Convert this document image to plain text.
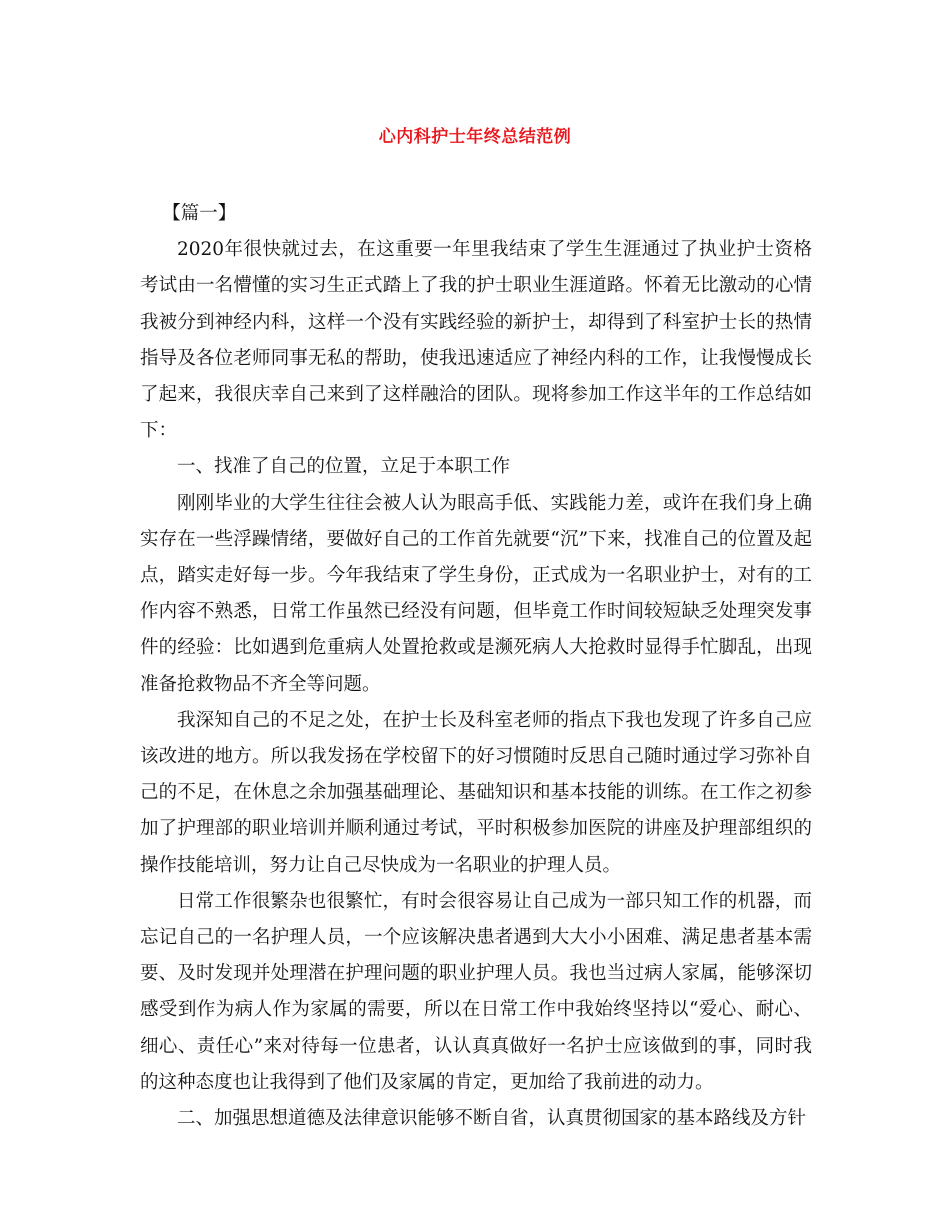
心内科护士年终总结范例

【篇一】

2020年很快就过去，在这重要一年里我结束了学生生涯通过了执业护士资格考试由一名懵懂的实习生正式踏上了我的护士职业生涯道路。怀着无比激动的心情我被分到神经内科，这样一个没有实践经验的新护士，却得到了科室护士长的热情指导及各位老师同事无私的帮助，使我迅速适应了神经内科的工作，让我慢慢成长了起来，我很庆幸自己来到了这样融洽的团队。现将参加工作这半年的工作总结如下：

一、找准了自己的位置，立足于本职工作

刚刚毕业的大学生往往会被人认为眼高手低、实践能力差，或许在我们身上确实存在一些浮躁情绪，要做好自己的工作首先就要“沉”下来，找准自己的位置及起点，踏实走好每一步。今年我结束了学生身份，正式成为一名职业护士，对有的工作内容不熟悉，日常工作虽然已经没有问题，但毕竟工作时间较短缺乏处理突发事件的经验：比如遇到危重病人处置抢救或是濒死病人大抢救时显得手忙脚乱，出现准备抢救物品不齐全等问题。

我深知自己的不足之处，在护士长及科室老师的指点下我也发现了许多自己应该改进的地方。所以我发扬在学校留下的好习惯随时反思自己随时通过学习弥补自己的不足，在休息之余加强基础理论、基础知识和基本技能的训练。在工作之初参加了护理部的职业培训并顺利通过考试，平时积极参加医院的讲座及护理部组织的操作技能培训，努力让自己尽快成为一名职业的护理人员。

日常工作很繁杂也很繁忙，有时会很容易让自己成为一部只知工作的机器，而忘记自己的一名护理人员，一个应该解决患者遇到大大小小困难、满足患者基本需要、及时发现并处理潜在护理问题的职业护理人员。我也当过病人家属，能够深切感受到作为病人作为家属的需要，所以在日常工作中我始终坚持以“爱心、耐心、细心、责任心”来对待每一位患者，认认真真做好一名护士应该做到的事，同时我的这种态度也让我得到了他们及家属的肯定，更加给了我前进的动力。

二、加强思想道德及法律意识能够不断自省，认真贯彻国家的基本路线及方针
